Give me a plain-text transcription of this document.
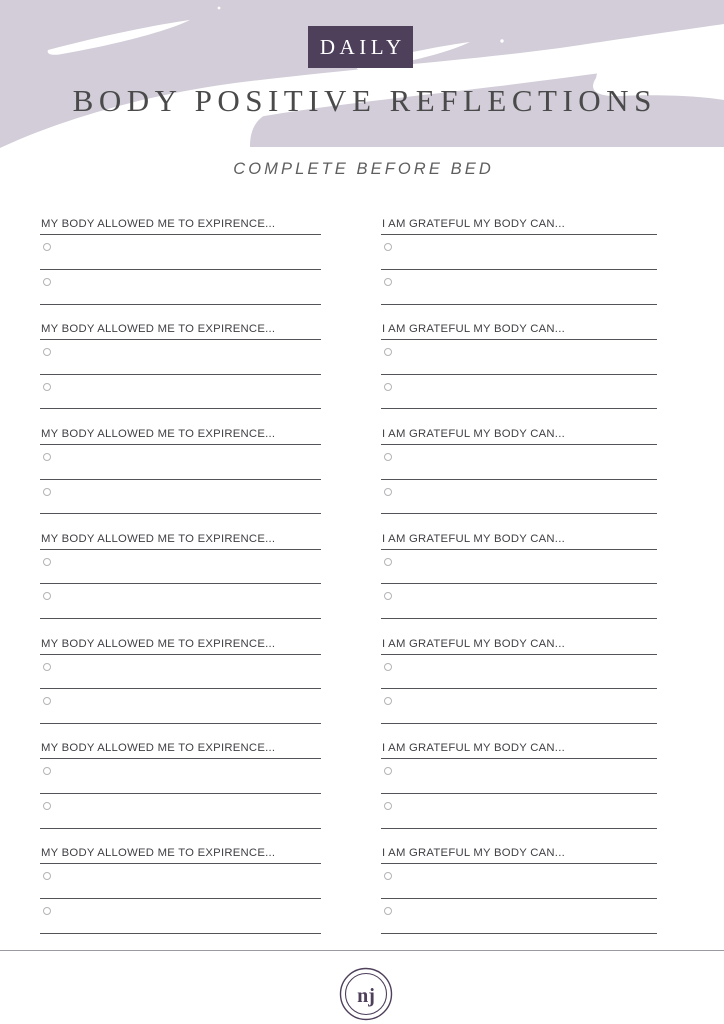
DAILY
BODY POSITIVE REFLECTIONS
COMPLETE BEFORE BED
MY BODY ALLOWED ME TO EXPIRENCE...
MY BODY ALLOWED ME TO EXPIRENCE...
MY BODY ALLOWED ME TO EXPIRENCE...
MY BODY ALLOWED ME TO EXPIRENCE...
MY BODY ALLOWED ME TO EXPIRENCE...
MY BODY ALLOWED ME TO EXPIRENCE...
MY BODY ALLOWED ME TO EXPIRENCE...
I AM GRATEFUL MY BODY CAN...
I AM GRATEFUL MY BODY CAN...
I AM GRATEFUL MY BODY CAN...
I AM GRATEFUL MY BODY CAN...
I AM GRATEFUL MY BODY CAN...
I AM GRATEFUL MY BODY CAN...
I AM GRATEFUL MY BODY CAN...
nj
